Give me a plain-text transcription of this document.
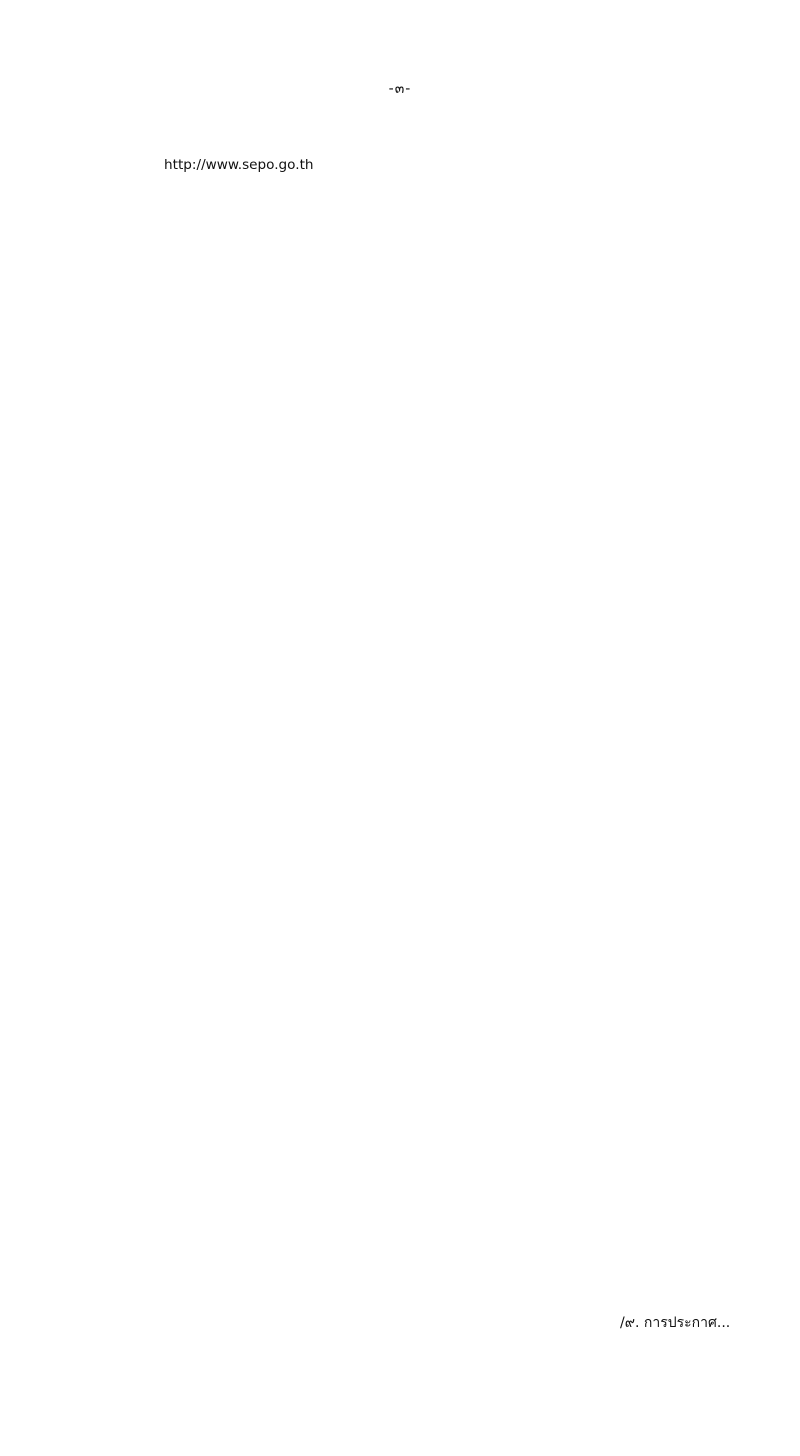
-๓-

http://www.sepo.go.th

/๙. การประกาศ...
